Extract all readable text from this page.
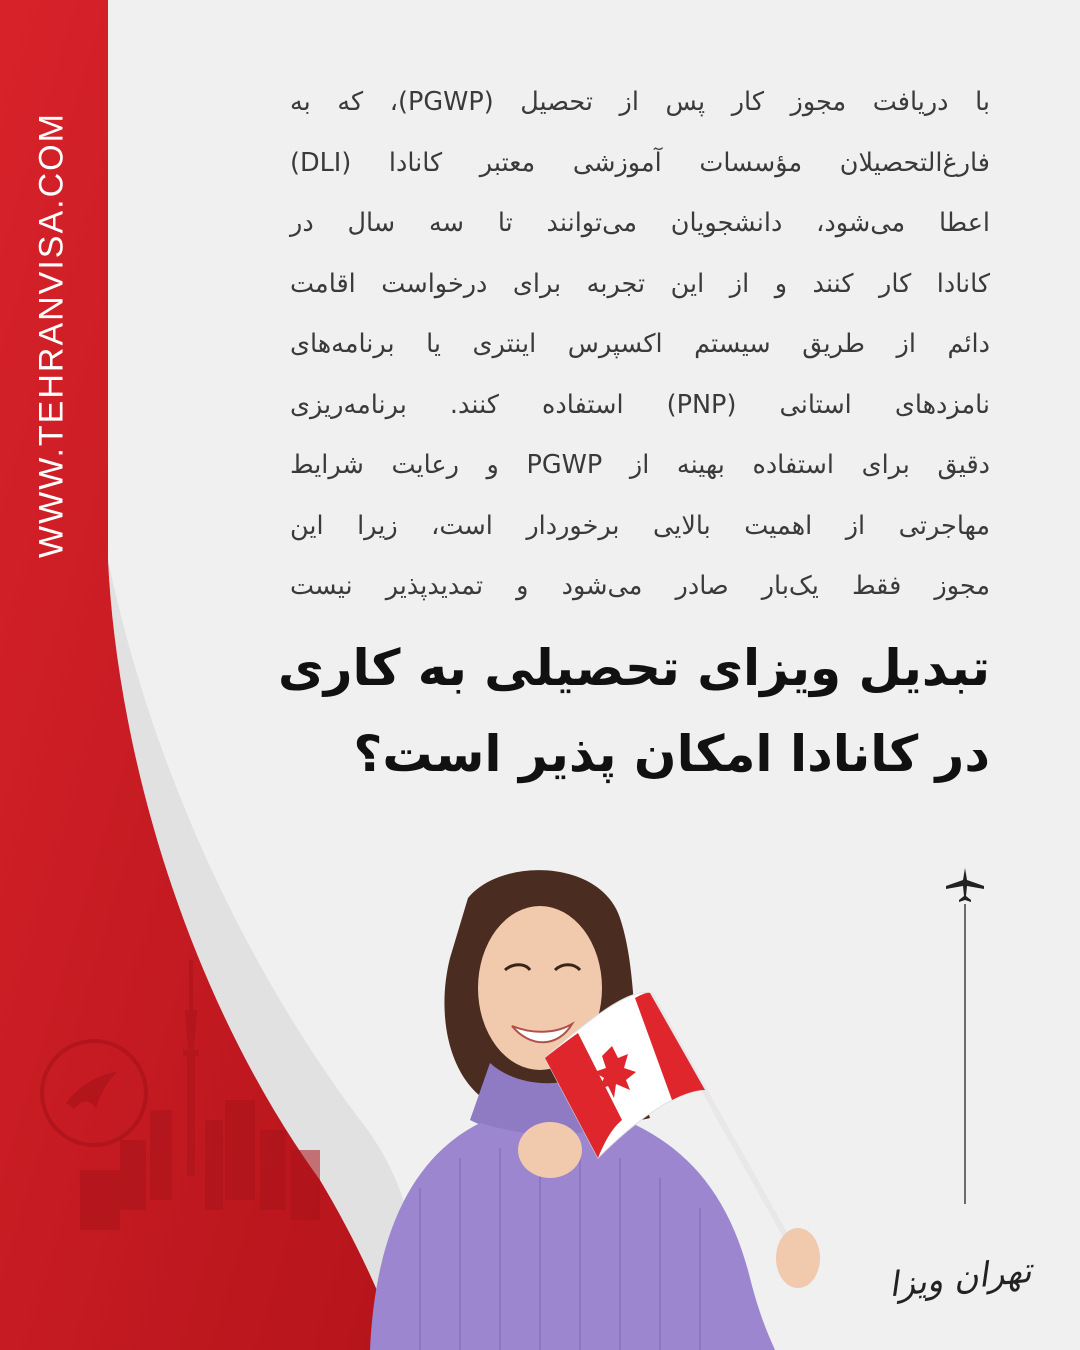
WWW.TEHRANVISA.COM

با دریافت مجوز کار پس از تحصیل (PGWP)، که به

فارغ‌التحصیلان مؤسسات آموزشی معتبر کانادا (DLI)

اعطا می‌شود، دانشجویان می‌توانند تا سه سال در

کانادا کار کنند و از این تجربه برای درخواست اقامت

دائم از طریق سیستم اکسپرس اینتری یا برنامه‌های

نامزدهای استانی (PNP) استفاده کنند. برنامه‌ریزی

دقیق برای استفاده بهینه از PGWP و رعایت شرایط

مهاجرتی از اهمیت بالایی برخوردار است، زیرا این

مجوز فقط یک‌بار صادر می‌شود و تمدیدپذیر نیست

تبدیل ویزای تحصیلی به کاری
در کانادا امکان پذیر است؟
تهران ویزا
